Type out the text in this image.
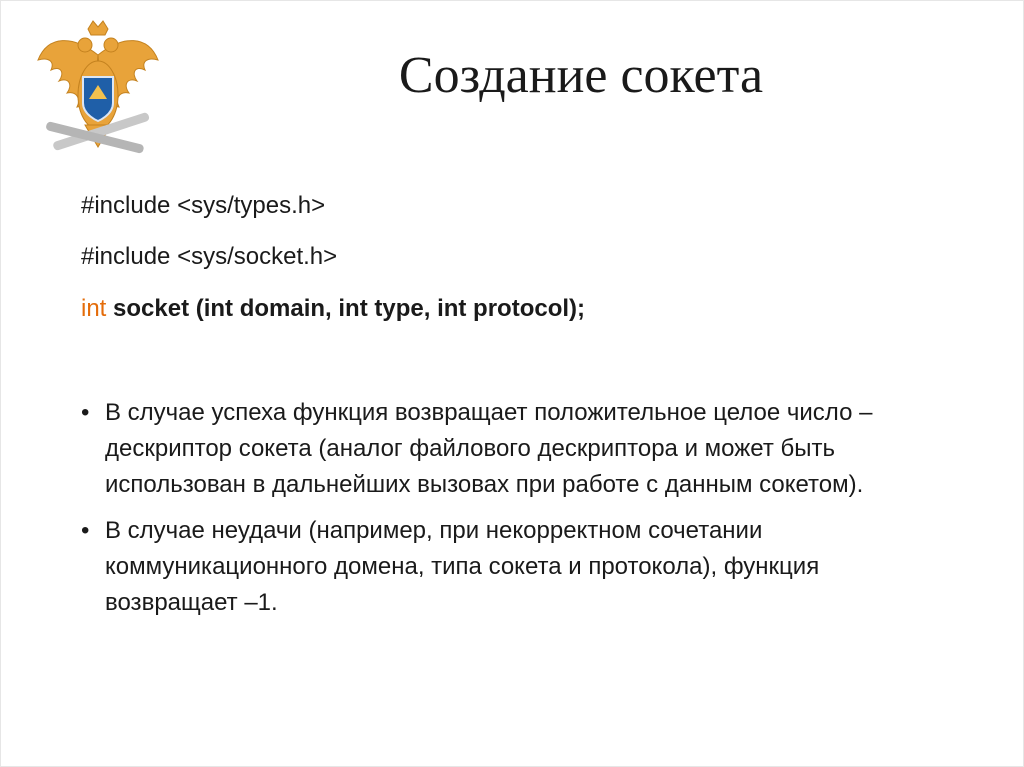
Создание сокета
#include <sys/types.h>
#include <sys/socket.h>
int socket (int domain, int type, int protocol);
• В случае успеха функция возвращает положительное целое число – дескриптор сокета (аналог файлового дескриптора и может быть использован в дальнейших вызовах при работе с данным сокетом).
• В случае неудачи (например, при некорректном сочетании коммуникационного домена, типа сокета и протокола), функция возвращает –1.
